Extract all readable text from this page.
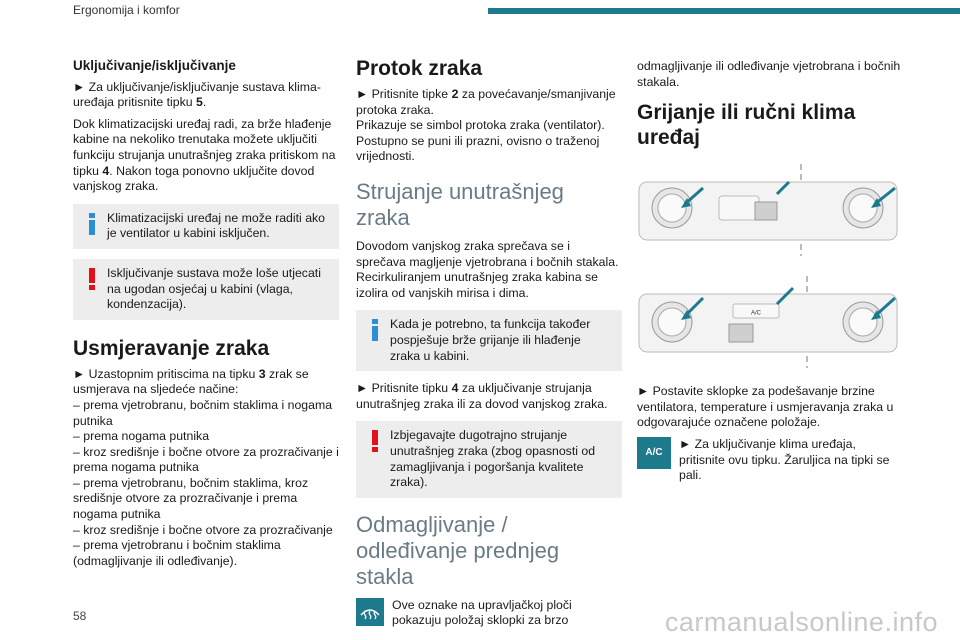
Ergonomija i komfor
Uključivanje/isključivanje
► Za uključivanje/isključivanje sustava klima-uređaja pritisnite tipku 5.
Dok klimatizacijski uređaj radi, za brže hlađenje kabine na nekoliko trenutaka možete uključiti funkciju strujanja unutrašnjeg zraka pritiskom na tipku 4. Nakon toga ponovno uključite dovod vanjskog zraka.
Klimatizacijski uređaj ne može raditi ako je ventilator u kabini isključen.
Isključivanje sustava može loše utjecati na ugodan osjećaj u kabini (vlaga, kondenzacija).
Usmjeravanje zraka
► Uzastopnim pritiscima na tipku 3 zrak se usmjerava na sljedeće načine:
– prema vjetrobranu, bočnim staklima i nogama putnika
– prema nogama putnika
– kroz središnje i bočne otvore za prozračivanje i prema nogama putnika
– prema vjetrobranu, bočnim staklima, kroz središnje otvore za prozračivanje i prema nogama putnika
– kroz središnje i bočne otvore za prozračivanje
– prema vjetrobranu i bočnim staklima (odmagljivanje ili odleđivanje).
Protok zraka
► Pritisnite tipke 2 za povećavanje/smanjivanje protoka zraka.
Prikazuje se simbol protoka zraka (ventilator). Postupno se puni ili prazni, ovisno o traženoj vrijednosti.
Strujanje unutrašnjeg zraka
Dovodom vanjskog zraka sprečava se i sprečava magljenje vjetrobrana i bočnih stakala. Recirkuliranjem unutrašnjeg zraka kabina se izolira od vanjskih mirisa i dima.
Kada je potrebno, ta funkcija također pospješuje brže grijanje ili hlađenje zraka u kabini.
► Pritisnite tipku 4 za uključivanje strujanja unutrašnjeg zraka ili za dovod vanjskog zraka.
Izbjegavajte dugotrajno strujanje unutrašnjeg zraka (zbog opasnosti od zamagljivanja i pogoršanja kvalitete zraka).
Odmagljivanje / odleđivanje prednjeg stakla
Ove oznake na upravljačkoj ploči pokazuju položaj sklopki za brzo
odmagljivanje ili odleđivanje vjetrobrana i bočnih stakala.
Grijanje ili ručni klima uređaj
A/C
► Postavite sklopke za podešavanje brzine ventilatora, temperature i usmjeravanja zraka u odgovarajuće označene položaje.
A/C
► Za uključivanje klima uređaja, pritisnite ovu tipku. Žaruljica na tipki se pali.
58	carmanualsonline.info
